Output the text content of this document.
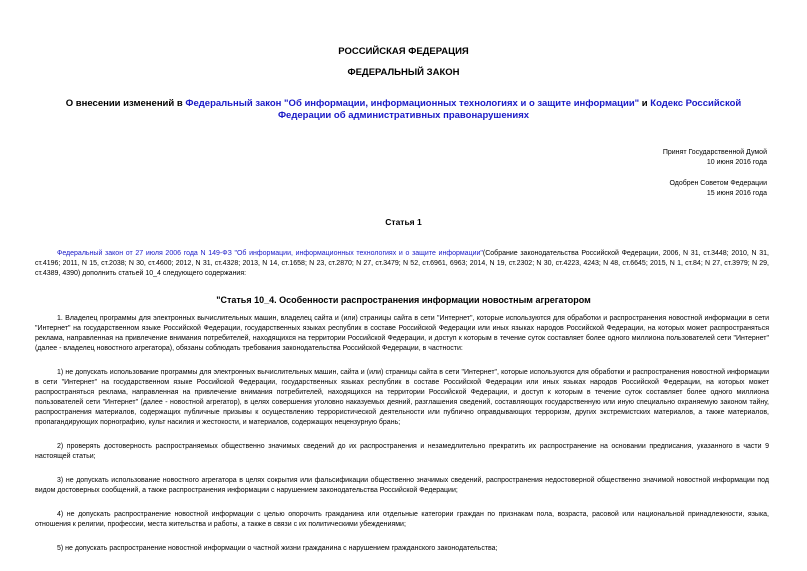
РОССИЙСКАЯ ФЕДЕРАЦИЯ
ФЕДЕРАЛЬНЫЙ ЗАКОН
О внесении изменений в Федеральный закон "Об информации, информационных технологиях и о защите информации" и Кодекс Российской Федерации об административных правонарушениях
Принят Государственной Думой
10 июня 2016 года
Одобрен Советом Федерации
15 июня 2016 года
Статья 1

Федеральный закон от 27 июля 2006 года N 149-ФЗ "Об информации, информационных технологиях и о защите информации"(Собрание законодательства Российской Федерации, 2006, N 31, ст.3448; 2010, N 31, ст.4196; 2011, N 15, ст.2038; N 30, ст.4600; 2012, N 31, ст.4328; 2013, N 14, ст.1658; N 23, ст.2870; N 27, ст.3479; N 52, ст.6961, 6963; 2014, N 19, ст.2302; N 30, ст.4223, 4243; N 48, ст.6645; 2015, N 1, ст.84; N 27, ст.3979; N 29, ст.4389, 4390) дополнить статьей 10_4 следующего содержания:

"Статья 10_4. Особенности распространения информации новостным агрегатором

1. Владелец программы для электронных вычислительных машин, владелец сайта и (или) страницы сайта в сети "Интернет", которые используются для обработки и распространения новостной информации в сети "Интернет" на государственном языке Российской Федерации, государственных языках республик в составе Российской Федерации или иных языках народов Российской Федерации, на которых может распространяться реклама, направленная на привлечение внимания потребителей, находящихся на территории Российской Федерации, и доступ к которым в течение суток составляет более одного миллиона пользователей сети "Интернет" (далее - владелец новостного агрегатора), обязаны соблюдать требования законодательства Российской Федерации, в частности:

1) не допускать использование программы для электронных вычислительных машин, сайта и (или) страницы сайта в сети "Интернет", которые используются для обработки и распространения новостной информации в сети "Интернет" на государственном языке Российской Федерации, государственных языках республик в составе Российской Федерации или иных языках народов Российской Федерации, на которых может распространяться реклама, направленная на привлечение внимания потребителей, находящихся на территории Российской Федерации, и доступ к которым в течение суток составляет более одного миллиона пользователей сети "Интернет" (далее - новостной агрегатор), в целях совершения уголовно наказуемых деяний, разглашения сведений, составляющих государственную или иную специально охраняемую законом тайну, распространения материалов, содержащих публичные призывы к осуществлению террористической деятельности или публично оправдывающих терроризм, других экстремистских материалов, а также материалов, пропагандирующих порнографию, культ насилия и жестокости, и материалов, содержащих нецензурную брань;

2) проверять достоверность распространяемых общественно значимых сведений до их распространения и незамедлительно прекратить их распространение на основании предписания, указанного в части 9 настоящей статьи;

3) не допускать использование новостного агрегатора в целях сокрытия или фальсификации общественно значимых сведений, распространения недостоверной общественно значимой новостной информации под видом достоверных сообщений, а также распространения информации с нарушением законодательства Российской Федерации;

4) не допускать распространение новостной информации с целью опорочить гражданина или отдельные категории граждан по признакам пола, возраста, расовой или национальной принадлежности, языка, отношения к религии, профессии, места жительства и работы, а также в связи с их политическими убеждениями;

5) не допускать распространение новостной информации о частной жизни гражданина с нарушением гражданского законодательства;
